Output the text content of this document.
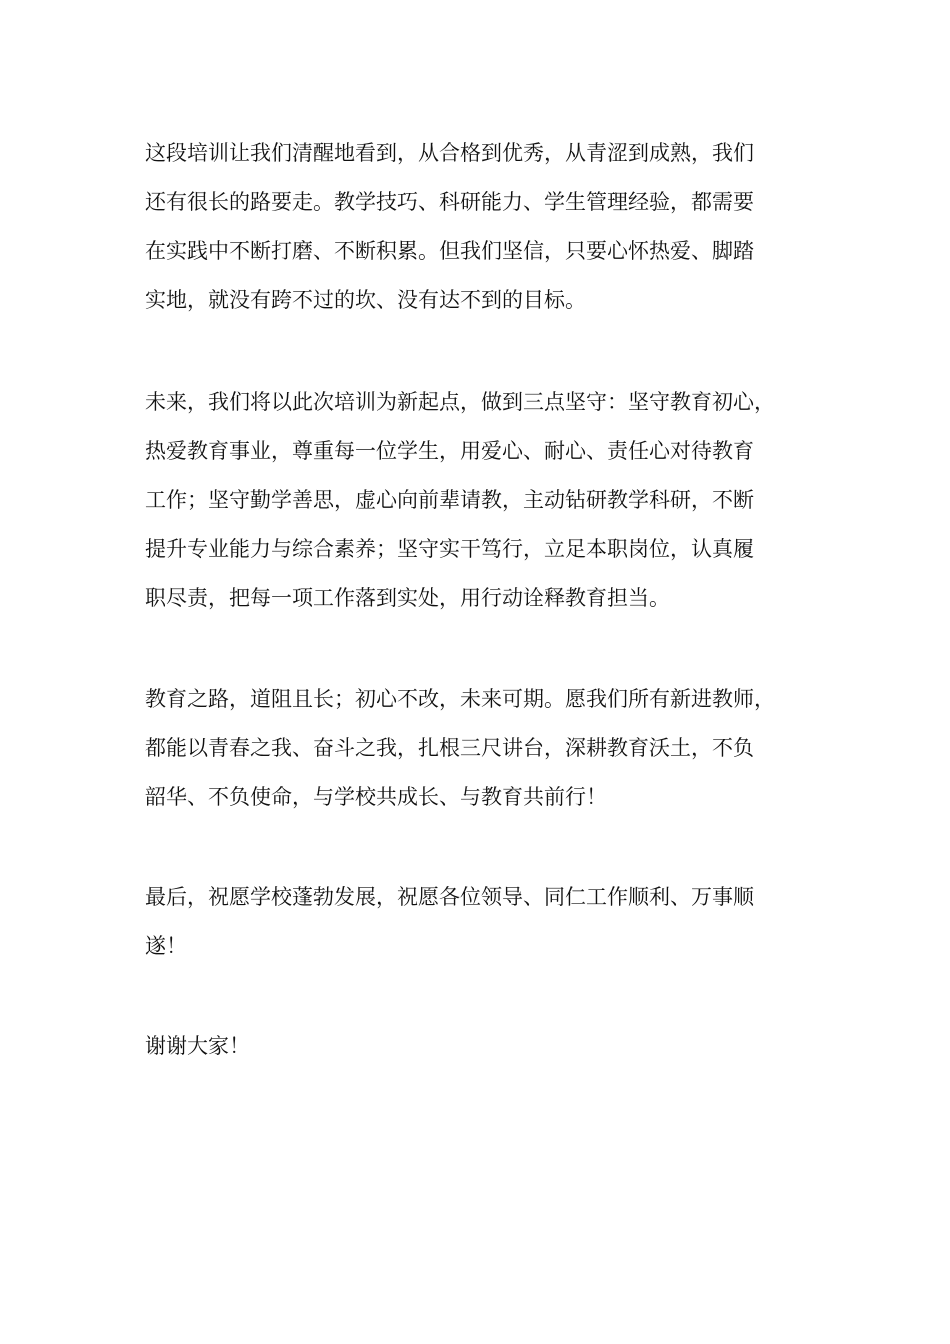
这段培训让我们清醒地看到，从合格到优秀，从青涩到成熟，我们
还有很长的路要走。教学技巧、科研能力、学生管理经验，都需要
在实践中不断打磨、不断积累。但我们坚信，只要心怀热爱、脚踏
实地，就没有跨不过的坎、没有达不到的目标。

未来，我们将以此次培训为新起点，做到三点坚守：坚守教育初心，
热爱教育事业，尊重每一位学生，用爱心、耐心、责任心对待教育
工作；坚守勤学善思，虚心向前辈请教，主动钻研教学科研，不断
提升专业能力与综合素养；坚守实干笃行，立足本职岗位，认真履
职尽责，把每一项工作落到实处，用行动诠释教育担当。

教育之路，道阻且长；初心不改，未来可期。愿我们所有新进教师，
都能以青春之我、奋斗之我，扎根三尺讲台，深耕教育沃土，不负
韶华、不负使命，与学校共成长、与教育共前行！

最后，祝愿学校蓬勃发展，祝愿各位领导、同仁工作顺利、万事顺
遂！

谢谢大家！
